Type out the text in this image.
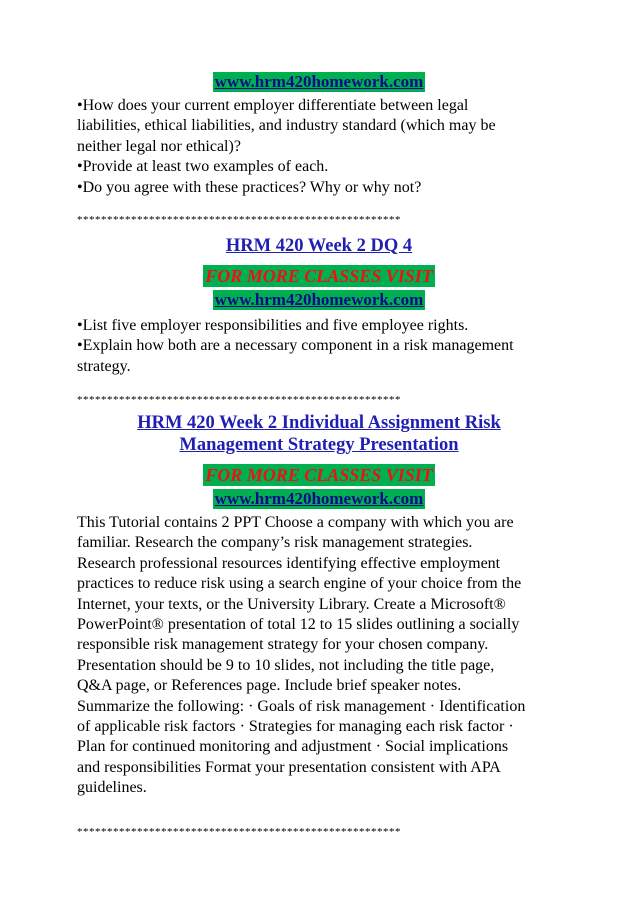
www.hrm420homework.com
•How does your current employer differentiate between legal
liabilities, ethical liabilities, and industry standard (which may be
neither legal nor ethical)?
•Provide at least two examples of each.
•Do you agree with these practices? Why or why not?
******************************************************
HRM 420 Week 2 DQ 4
FOR MORE CLASSES VISIT
www.hrm420homework.com
•List five employer responsibilities and five employee rights.
•Explain how both are a necessary component in a risk management
strategy.
******************************************************
HRM 420 Week 2 Individual Assignment Risk
Management Strategy Presentation
FOR MORE CLASSES VISIT
www.hrm420homework.com
This Tutorial contains 2 PPT Choose a company with which you are
familiar. Research the company’s risk management strategies.
Research professional resources identifying effective employment
practices to reduce risk using a search engine of your choice from the
Internet, your texts, or the University Library. Create a Microsoft®
PowerPoint® presentation of total 12 to 15 slides outlining a socially
responsible risk management strategy for your chosen company.
Presentation should be 9 to 10 slides, not including the title page,
Q&A page, or References page. Include brief speaker notes.
Summarize the following: · Goals of risk management · Identification
of applicable risk factors · Strategies for managing each risk factor ·
Plan for continued monitoring and adjustment · Social implications
and responsibilities Format your presentation consistent with APA
guidelines.
******************************************************
